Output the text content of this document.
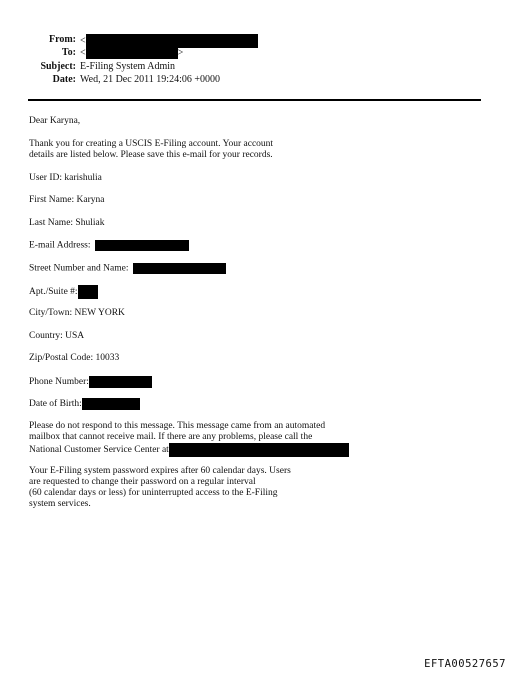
From: <
To: <	>
Subject: E-Filing System Admin
Date: Wed, 21 Dec 2011 19:24:06 +0000
Dear Karyna,
Thank you for creating a USCIS E-Filing account. Your account
details are listed below. Please save this e-mail for your records.
User ID: karishulia
First Name: Karyna
Last Name: Shuliak
E-mail Address:
Street Number and Name:
Apt./Suite #:
City/Town: NEW YORK
Country: USA
Zip/Postal Code: 10033
Phone Number:
Date of Birth:
Please do not respond to this message. This message came from an automated
mailbox that cannot receive mail. If there are any problems, please call the
National Customer Service Center at
Your E-Filing system password expires after 60 calendar days. Users
are requested to change their password on a regular interval
(60 calendar days or less) for uninterrupted access to the E-Filing
system services.
EFTA00527657
